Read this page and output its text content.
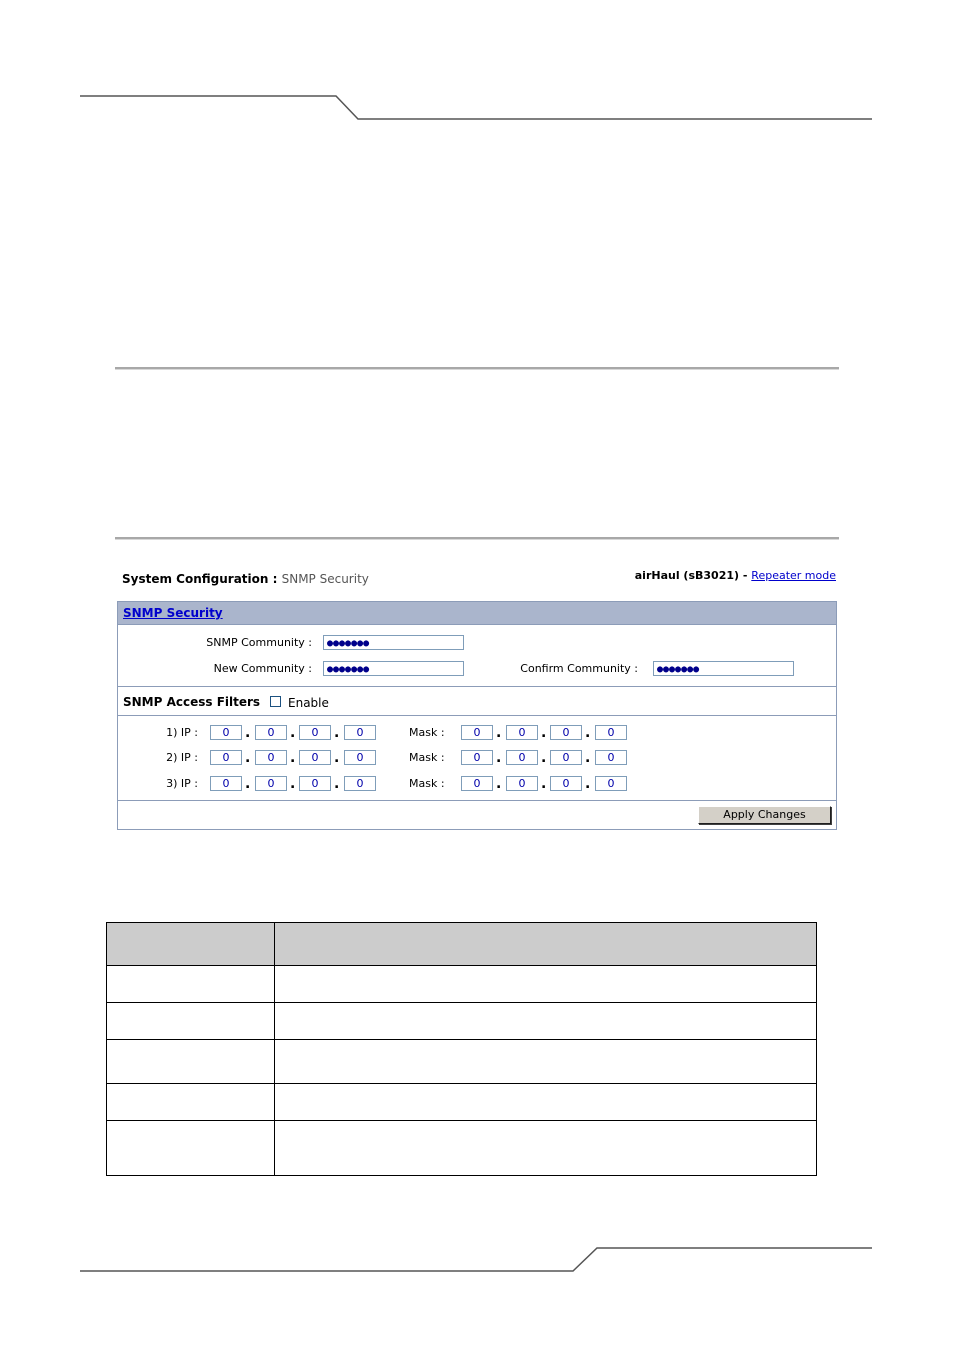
System Configuration : SNMP Security	airHaul (sB3021) - Repeater mode
SNMP Security
SNMP Community :	●●●●●●●
New Community :	●●●●●●●	Confirm Community :	●●●●●●●
SNMP Access Filters Enable
1) IP :	0	.	0	.	0	.	0	Mask :	0	.	0	.	0	.	0
2) IP :	0	.	0	.	0	.	0	Mask :	0	.	0	.	0	.	0
3) IP :	0	.	0	.	0	.	0	Mask :	0	.	0	.	0	.	0
Apply Changes
